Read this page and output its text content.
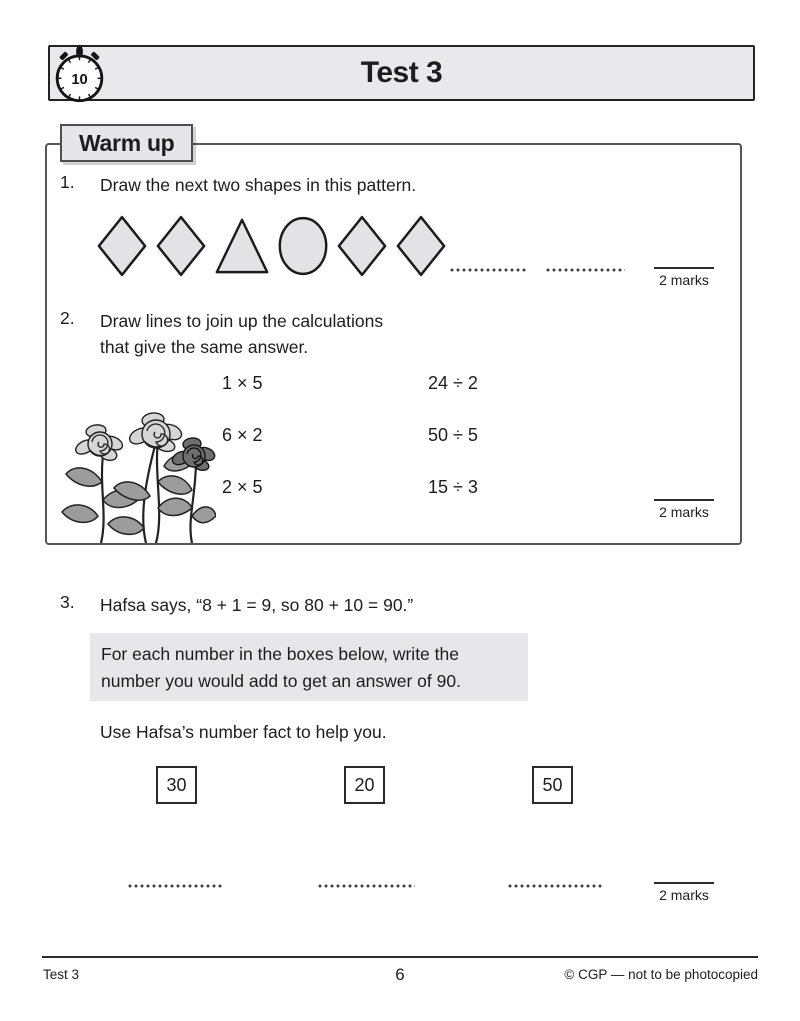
Test 3
10
Warm up
1. Draw the next two shapes in this pattern.
2 marks
2. Draw lines to join up the calculations
that give the same answer.
1 × 5
6 × 2
2 × 5
24 ÷ 2
50 ÷ 5
15 ÷ 3
2 marks
3. Hafsa says, “8 + 1 = 9, so 80 + 10 = 90.”
For each number in the boxes below, write the
number you would add to get an answer of 90.
Use Hafsa’s number fact to help you.
30	20	50
2 marks
Test 3	6	© CGP — not to be photocopied
